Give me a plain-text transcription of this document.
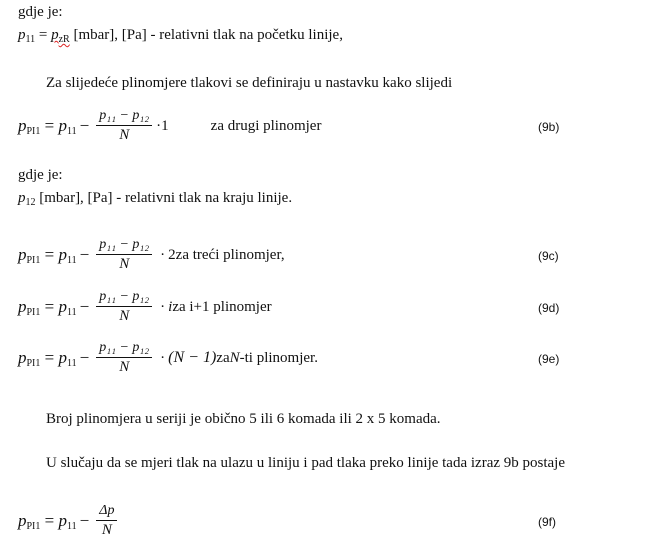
gdje je:
$p_{11} = p_{zR}$ [mbar], [Pa] - relativni tlak na početku linije,
Za slijedeće plinomjere tlakovi se definiraju u nastavku kako slijedi
$p_{PI1} = p_{11} - \frac{\text{p₁₁ − p₁₂}}{N} \cdot 1$	za drugi plinomjer	(9b)
gdje je:
$p_{12}$ [mbar], [Pa] - relativni tlak na kraju linije.
$p_{PI1} = p_{11} - \frac{\text{p₁₁ − p₁₂}}{N} \cdot 2$ za treći plinomjer,	(9c)
$p_{PI1} = p_{11} - \frac{\text{p₁₁ − p₁₂}}{N} \cdot i$ za i+1 plinomjer	(9d)
$p_{PI1} = p_{11} - \frac{\text{p₁₁ − p₁₂}}{N} \cdot (N - 1)$ za N -ti plinomjer.	(9e)
Broj plinomjera u seriji je obično 5 ili 6 komada ili 2 x 5 komada.
U slučaju da se mjeri tlak na ulazu u liniju i pad tlaka preko linije tada izraz 9b postaje
$p_{PI1} = p_{11} - \frac{\Delta p}{N}$	(9f)
